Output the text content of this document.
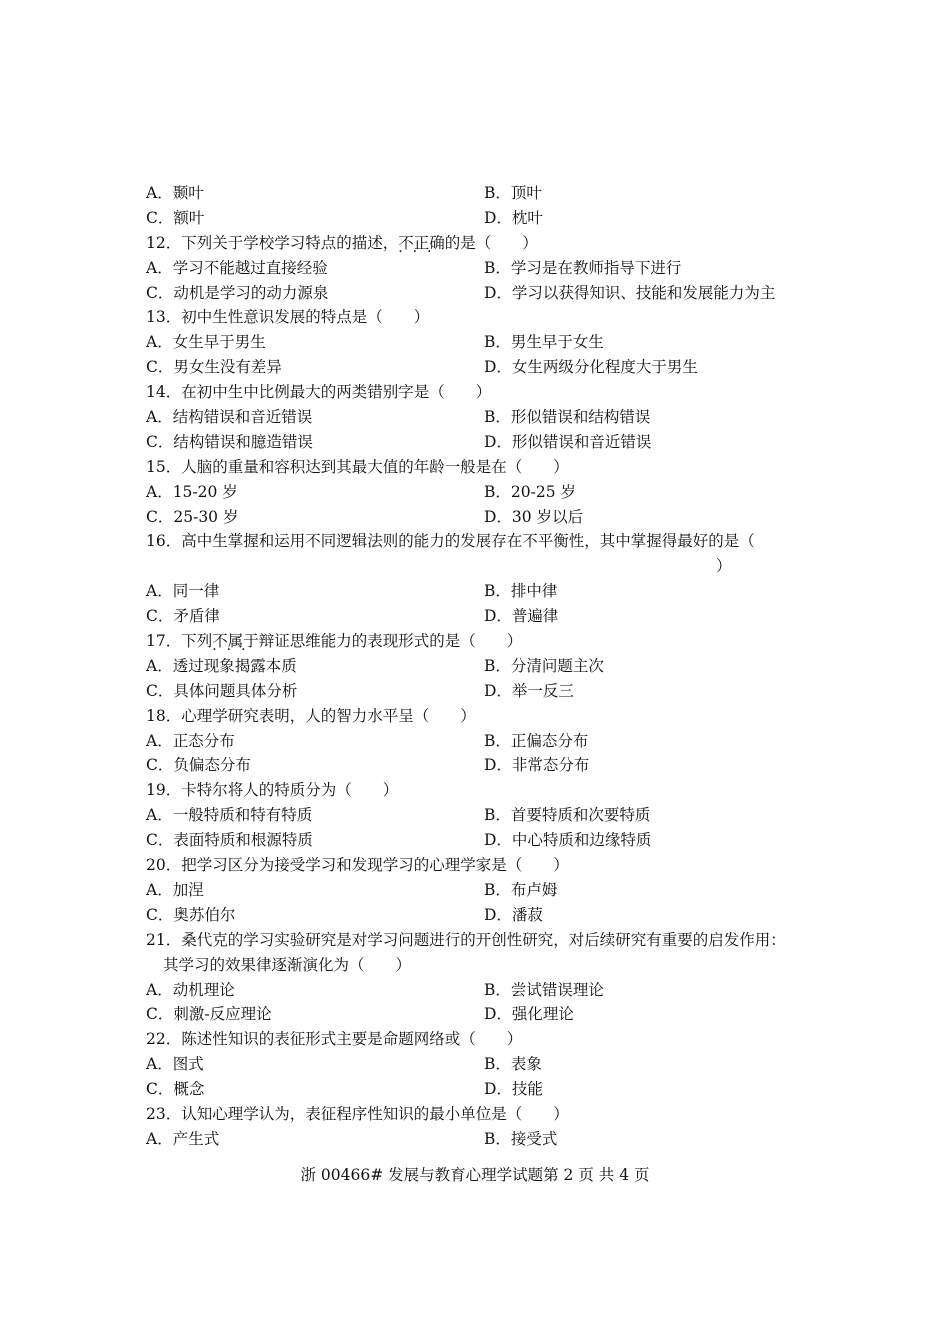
A．颞叶	B．顶叶
C．额叶	D．枕叶
12．下列关于学校学习特点的描述，不正确 · · ·的是（　　）
A．学习不能越过直接经验	B．学习是在教师指导下进行
C．动机是学习的动力源泉	D．学习以获得知识、技能和发展能力为主
13．初中生性意识发展的特点是（　　）
A．女生早于男生	B．男生早于女生
C．男女生没有差异	D．女生两级分化程度大于男生
14．在初中生中比例最大的两类错别字是（　　）
A．结构错误和音近错误	B．形似错误和结构错误
C．结构错误和臆造错误	D．形似错误和音近错误
15．人脑的重量和容积达到其最大值的年龄一般是在（　　）
A．15-20 岁	B．20-25 岁
C．25-30 岁	D．30 岁以后
16．高中生掌握和运用不同逻辑法则的能力的发展存在不平衡性，其中掌握得最好的是（
）
A．同一律	B．排中律
C．矛盾律	D．普遍律
17．下列不属于 · · ·辩证思维能力的表现形式的是（　　）
A．透过现象揭露本质	B．分清问题主次
C．具体问题具体分析	D．举一反三
18．心理学研究表明，人的智力水平呈（　　）
A．正态分布	B．正偏态分布
C．负偏态分布	D．非常态分布
19．卡特尔将人的特质分为（　　）
A．一般特质和特有特质	B．首要特质和次要特质
C．表面特质和根源特质	D．中心特质和边缘特质
20．把学习区分为接受学习和发现学习的心理学家是（　　）
A．加涅	B．布卢姆
C．奥苏伯尔	D．潘菽
21．桑代克的学习实验研究是对学习问题进行的开创性研究，对后续研究有重要的启发作用：
其学习的效果律逐渐演化为（　　）
A．动机理论	B．尝试错误理论
C．刺激-反应理论	D．强化理论
22．陈述性知识的表征形式主要是命题网络或（　　）
A．图式	B．表象
C．概念	D．技能
23．认知心理学认为，表征程序性知识的最小单位是（　　）
A．产生式	B．接受式
浙 00466# 发展与教育心理学试题第 2 页 共 4 页
